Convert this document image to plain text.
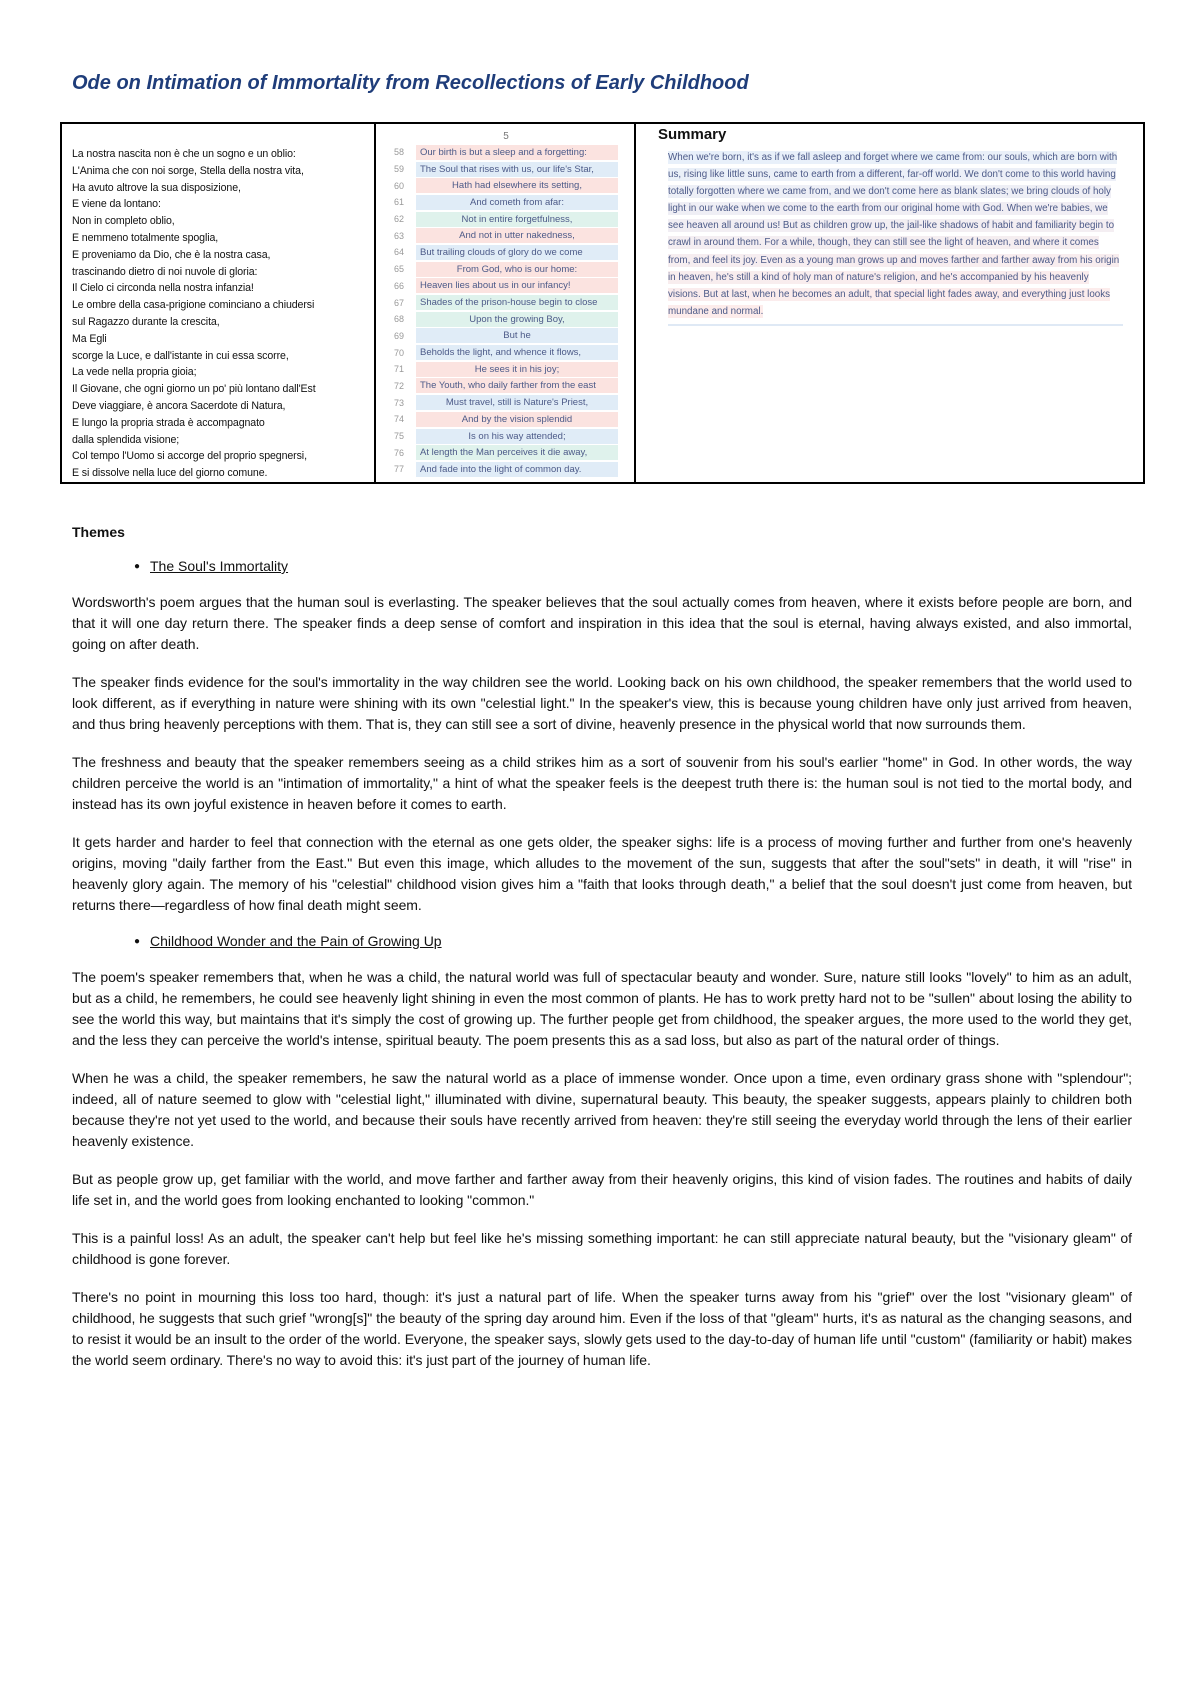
Ode on Intimation of Immortality from Recollections of Early Childhood
La nostra nascita non è che un sogno e un oblio:
L'Anima che con noi sorge, Stella della nostra vita,
Ha avuto altrove la sua disposizione,
E viene da lontano:
Non in completo oblio,
E nemmeno totalmente spoglia,
E proveniamo da Dio, che è la nostra casa,
trascinando dietro di noi nuvole di gloria:
Il Cielo ci circonda nella nostra infanzia!
Le ombre della casa-prigione cominciano a chiudersi
sul Ragazzo durante la crescita,
Ma Egli
scorge la Luce, e dall'istante in cui essa scorre,
La vede nella propria gioia;
Il Giovane, che ogni giorno un po' più lontano dall'Est
Deve viaggiare, è ancora Sacerdote di Natura,
E lungo la propria strada è accompagnato
dalla splendida visione;
Col tempo l'Uomo si accorge del proprio spegnersi,
E si dissolve nella luce del giorno comune.
5
58	Our birth is but a sleep and a forgetting:
59	The Soul that rises with us, our life's Star,
60	Hath had elsewhere its setting,
61	And cometh from afar:
62	Not in entire forgetfulness,
63	And not in utter nakedness,
64	But trailing clouds of glory do we come
65	From God, who is our home:
66	Heaven lies about us in our infancy!
67	Shades of the prison-house begin to close
68	Upon the growing Boy,
69	But he
70	Beholds the light, and whence it flows,
71	He sees it in his joy;
72	The Youth, who daily farther from the east
73	Must travel, still is Nature's Priest,
74	And by the vision splendid
75	Is on his way attended;
76	At length the Man perceives it die away,
77	And fade into the light of common day.
Summary

When we're born, it's as if we fall asleep and forget where we came from: our souls, which are born with us, rising like little suns, came to earth from a different, far-off world. We don't come to this world having totally forgotten where we came from, and we don't come here as blank slates; we bring clouds of holy light in our wake when we come to the earth from our original home with God. When we're babies, we see heaven all around us! But as children grow up, the jail-like shadows of habit and familiarity begin to crawl in around them. For a while, though, they can still see the light of heaven, and where it comes from, and feel its joy. Even as a young man grows up and moves farther and farther away from his origin in heaven, he's still a kind of holy man of nature's religion, and he's accompanied by his heavenly visions. But at last, when he becomes an adult, that special light fades away, and everything just looks mundane and normal.

Themes
● The Soul's Immortality

Wordsworth's poem argues that the human soul is everlasting. The speaker believes that the soul actually comes from heaven, where it exists before people are born, and that it will one day return there. The speaker finds a deep sense of comfort and inspiration in this idea that the soul is eternal, having always existed, and also immortal, going on after death.

The speaker finds evidence for the soul's immortality in the way children see the world. Looking back on his own childhood, the speaker remembers that the world used to look different, as if everything in nature were shining with its own "celestial light." In the speaker's view, this is because young children have only just arrived from heaven, and thus bring heavenly perceptions with them. That is, they can still see a sort of divine, heavenly presence in the physical world that now surrounds them.

The freshness and beauty that the speaker remembers seeing as a child strikes him as a sort of souvenir from his soul's earlier "home" in God. In other words, the way children perceive the world is an "intimation of immortality," a hint of what the speaker feels is the deepest truth there is: the human soul is not tied to the mortal body, and instead has its own joyful existence in heaven before it comes to earth.

It gets harder and harder to feel that connection with the eternal as one gets older, the speaker sighs: life is a process of moving further and further from one's heavenly origins, moving "daily farther from the East." But even this image, which alludes to the movement of the sun, suggests that after the soul"sets" in death, it will "rise" in heavenly glory again. The memory of his "celestial" childhood vision gives him a "faith that looks through death," a belief that the soul doesn't just come from heaven, but returns there—regardless of how final death might seem.

● Childhood Wonder and the Pain of Growing Up

The poem's speaker remembers that, when he was a child, the natural world was full of spectacular beauty and wonder. Sure, nature still looks "lovely" to him as an adult, but as a child, he remembers, he could see heavenly light shining in even the most common of plants. He has to work pretty hard not to be "sullen" about losing the ability to see the world this way, but maintains that it's simply the cost of growing up. The further people get from childhood, the speaker argues, the more used to the world they get, and the less they can perceive the world's intense, spiritual beauty. The poem presents this as a sad loss, but also as part of the natural order of things.

When he was a child, the speaker remembers, he saw the natural world as a place of immense wonder. Once upon a time, even ordinary grass shone with "splendour"; indeed, all of nature seemed to glow with "celestial light," illuminated with divine, supernatural beauty. This beauty, the speaker suggests, appears plainly to children both because they're not yet used to the world, and because their souls have recently arrived from heaven: they're still seeing the everyday world through the lens of their earlier heavenly existence.

But as people grow up, get familiar with the world, and move farther and farther away from their heavenly origins, this kind of vision fades. The routines and habits of daily life set in, and the world goes from looking enchanted to looking "common."

This is a painful loss! As an adult, the speaker can't help but feel like he's missing something important: he can still appreciate natural beauty, but the "visionary gleam" of childhood is gone forever.

There's no point in mourning this loss too hard, though: it's just a natural part of life. When the speaker turns away from his "grief" over the lost "visionary gleam" of childhood, he suggests that such grief "wrong[s]" the beauty of the spring day around him. Even if the loss of that "gleam" hurts, it's as natural as the changing seasons, and to resist it would be an insult to the order of the world. Everyone, the speaker says, slowly gets used to the day-to-day of human life until "custom" (familiarity or habit) makes the world seem ordinary. There's no way to avoid this: it's just part of the journey of human life.
